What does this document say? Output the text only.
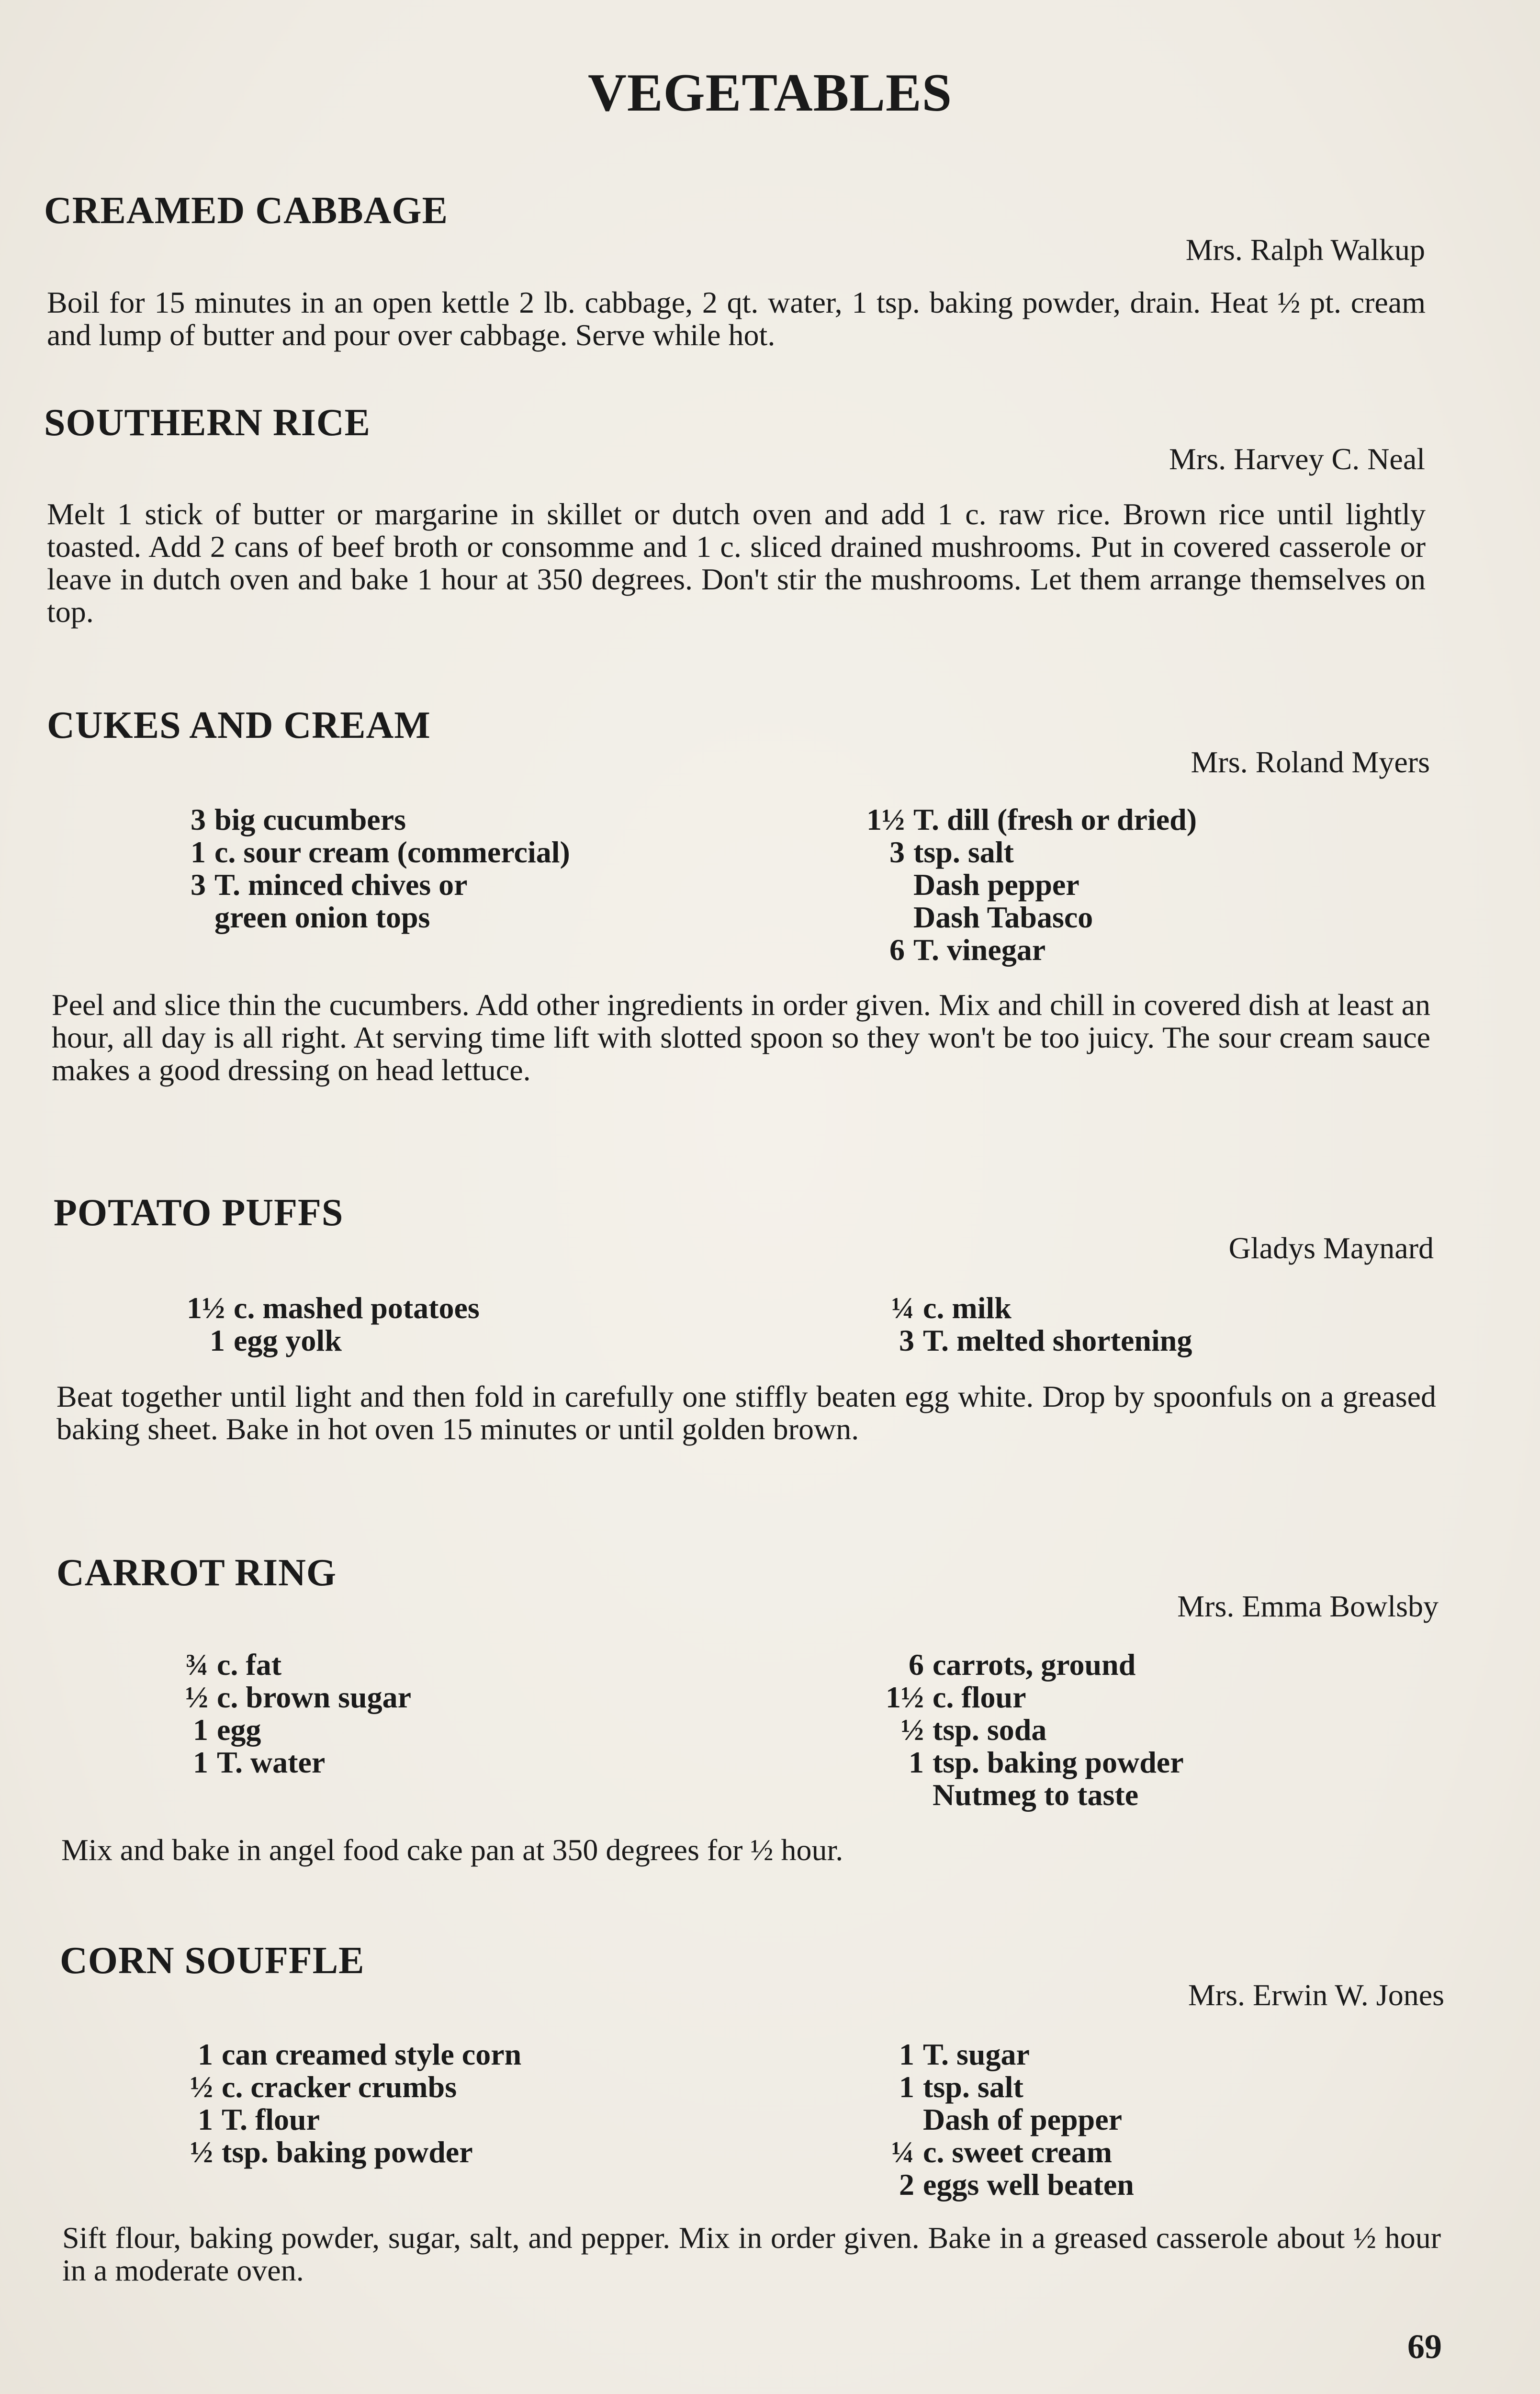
VEGETABLES
CREAMED CABBAGE
Mrs. Ralph Walkup

Boil for 15 minutes in an open kettle 2 lb. cabbage, 2 qt. water, 1 tsp. baking powder, drain. Heat ½ pt. cream and lump of butter and pour over cabbage. Serve while hot.

SOUTHERN RICE
Mrs. Harvey C. Neal

Melt 1 stick of butter or margarine in skillet or dutch oven and add 1 c. raw rice. Brown rice until lightly toasted. Add 2 cans of beef broth or consomme and 1 c. sliced drained mushrooms. Put in covered casserole or leave in dutch oven and bake 1 hour at 350 degrees. Don't stir the mushrooms. Let them arrange themselves on top.

CUKES AND CREAM
Mrs. Roland Myers
3 big cucumbers
1 c. sour cream (commercial)
3 T. minced chives or
green onion tops
1½ T. dill (fresh or dried)
3 tsp. salt
Dash pepper
Dash Tabasco
6 T. vinegar

Peel and slice thin the cucumbers. Add other ingredients in order given. Mix and chill in covered dish at least an hour, all day is all right. At serving time lift with slotted spoon so they won't be too juicy. The sour cream sauce makes a good dressing on head lettuce.

POTATO PUFFS
Gladys Maynard
1½ c. mashed potatoes
1 egg yolk
¼ c. milk
3 T. melted shortening

Beat together until light and then fold in carefully one stiffly beaten egg white. Drop by spoonfuls on a greased baking sheet. Bake in hot oven 15 minutes or until golden brown.

CARROT RING
Mrs. Emma Bowlsby
¾ c. fat
½ c. brown sugar
1 egg
1 T. water
6 carrots, ground
1½ c. flour
½ tsp. soda
1 tsp. baking powder
Nutmeg to taste

Mix and bake in angel food cake pan at 350 degrees for ½ hour.

CORN SOUFFLE
Mrs. Erwin W. Jones
1 can creamed style corn
½ c. cracker crumbs
1 T. flour
½ tsp. baking powder
1 T. sugar
1 tsp. salt
Dash of pepper
¼ c. sweet cream
2 eggs well beaten

Sift flour, baking powder, sugar, salt, and pepper. Mix in order given. Bake in a greased casserole about ½ hour in a moderate oven.

69
